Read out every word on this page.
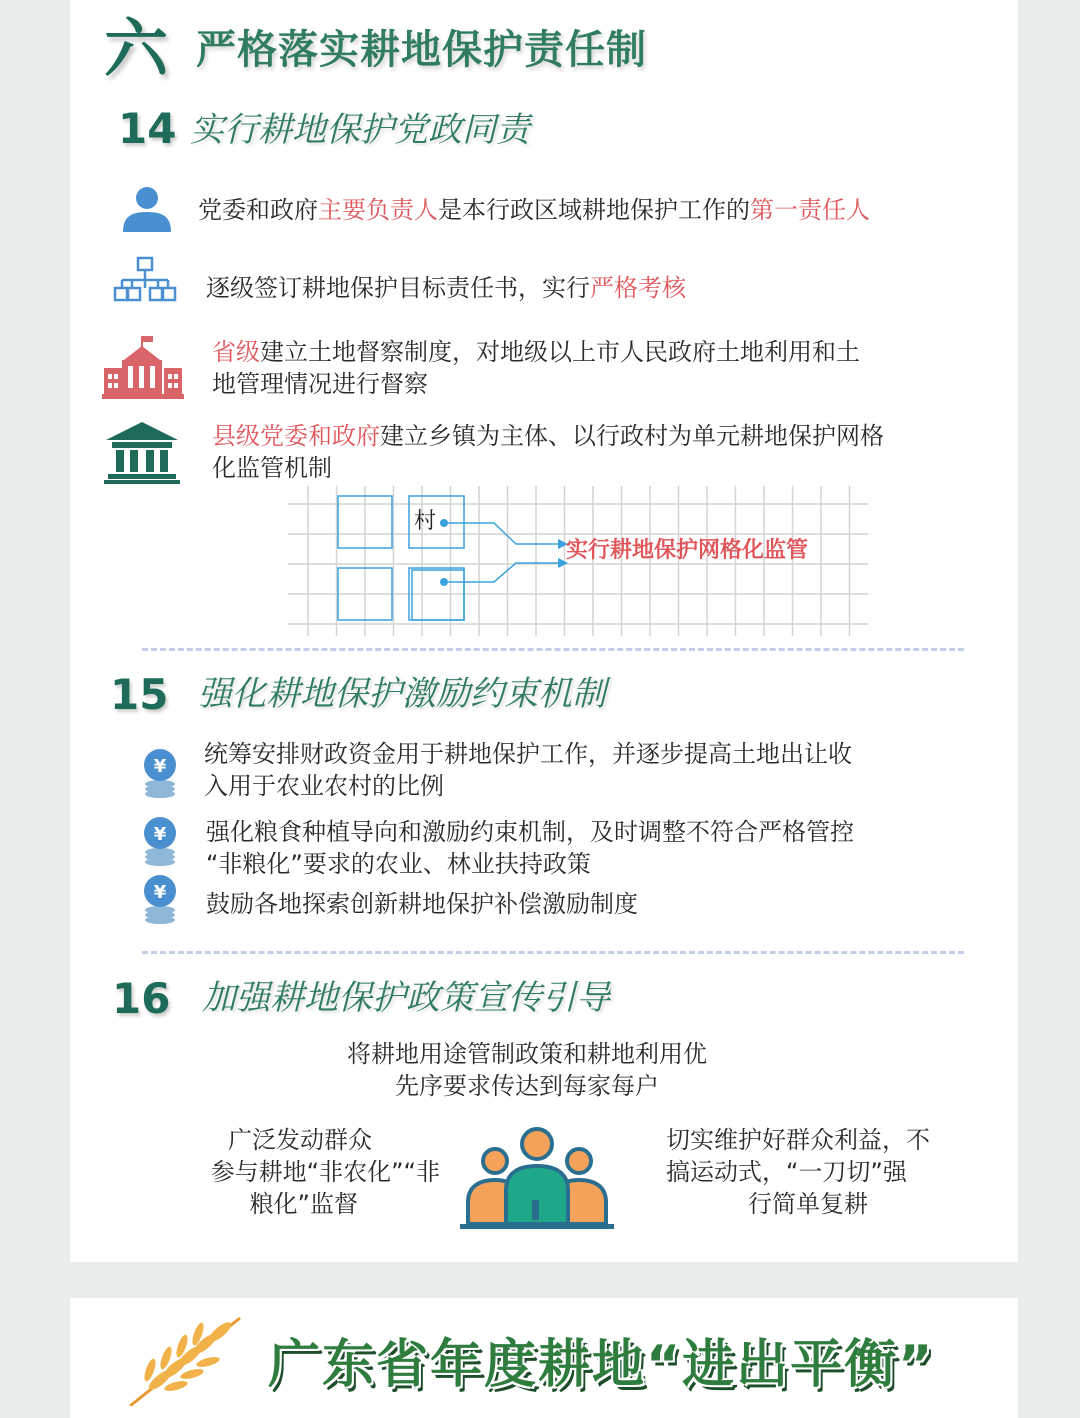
六 严格落实耕地保护责任制
14 实行耕地保护党政同责
党委和政府主要负责人是本行政区域耕地保护工作的第一责任人
逐级签订耕地保护目标责任书，实行严格考核
省级建立土地督察制度，对地级以上市人民政府土地利用和土
地管理情况进行督察
县级党委和政府建立乡镇为主体、以行政村为单元耕地保护网格
化监管机制
村
实行耕地保护网格化监管
15 强化耕地保护激励约束机制
¥ 统筹安排财政资金用于耕地保护工作，并逐步提高土地出让收
入用于农业农村的比例
¥ 强化粮食种植导向和激励约束机制，及时调整不符合严格管控
“非粮化”要求的农业、林业扶持政策
¥ 鼓励各地探索创新耕地保护补偿激励制度
16 加强耕地保护政策宣传引导
将耕地用途管制政策和耕地利用优
先序要求传达到每家每户
广泛发动群众
参与耕地“非农化”“非
粮化”监督
切实维护好群众利益，不
搞运动式，“一刀切”强
行简单复耕
广东省年度耕地“进出平衡”
